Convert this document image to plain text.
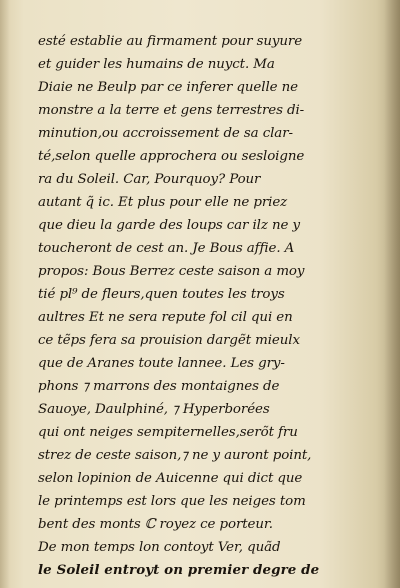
esté establie au firmament pour suyure
et guider les humains de nuyct. Ma
Diaie ne Beulp par ce inferer quelle ne
monstre a la terre et gens terrestres di-
minution,ou accroissement de sa clar-
té,selon quelle approchera ou sesloigne
ra du Soleil. Car, Pourquoy? Pour
autant q̃ ic. Et plus pour elle ne priez
que dieu la garde des loups car ilz ne y
toucheront de cest an. Je Bous affie. A
propos: Bous Berrez ceste saison a moy
tié pl⁹ de fleurs,quen toutes les troys
aultres Et ne sera repute fol cil qui en
ce tẽps fera sa prouision dargẽt mieulx
que de Aranes toute lannee. Les gry-
phons ⁊ marrons des montaignes de
Sauoye, Daulphiné, ⁊ Hyperborées
qui ont neiges sempiternelles,serõt fru
strez de ceste saison,⁊ ne y auront point,
selon lopinion de Auicenne qui dict que
le printemps est lors que les neiges tom
bent des monts ℂ royez ce porteur.
De mon temps lon contoyt Ver, quãd
le Soleil entroyt on premier degre de
